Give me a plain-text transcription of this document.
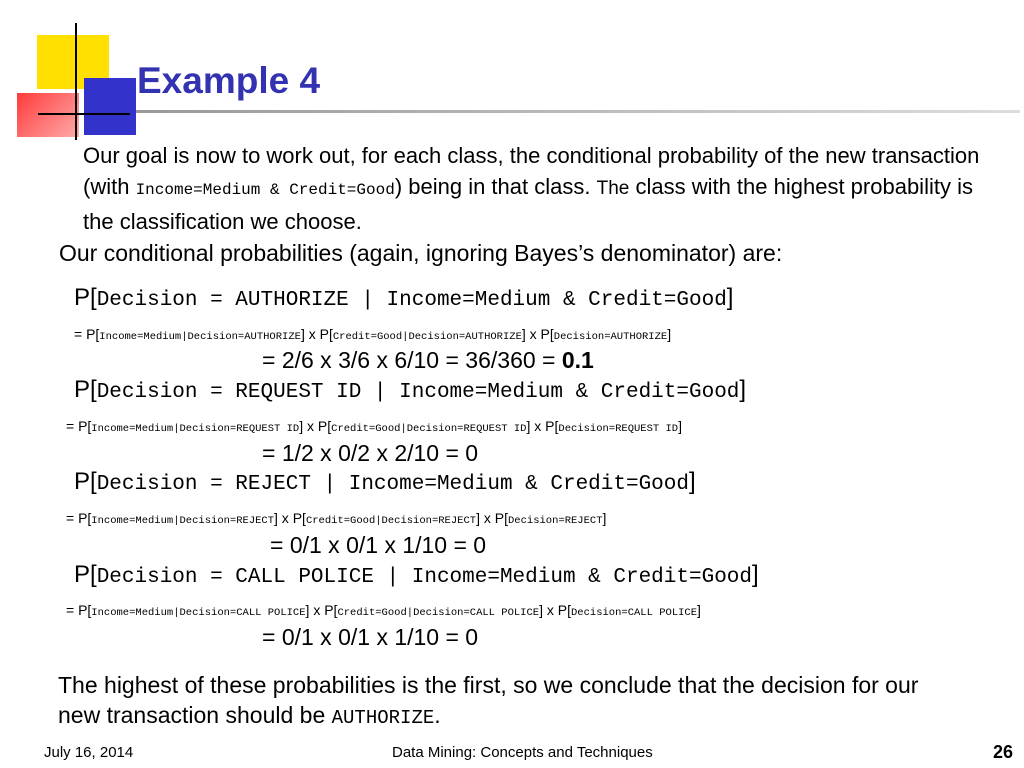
Example 4
Our goal is now to work out, for each class, the conditional probability of the new transaction (with Income=Medium & Credit=Good) being in that class. The class with the highest probability is the classification we choose.
Our conditional probabilities (again, ignoring Bayes’s denominator) are:
P[Decision = AUTHORIZE | Income=Medium & Credit=Good]
= P[Income=Medium|Decision=AUTHORIZE] x P[Credit=Good|Decision=AUTHORIZE] x P[Decision=AUTHORIZE]
= 2/6 x 3/6 x 6/10 = 36/360 = 0.1
P[Decision = REQUEST ID | Income=Medium & Credit=Good]
= P[Income=Medium|Decision=REQUEST ID] x P[Credit=Good|Decision=REQUEST ID] x P[Decision=REQUEST ID]
= 1/2 x 0/2 x 2/10 = 0
P[Decision = REJECT | Income=Medium & Credit=Good]
= P[Income=Medium|Decision=REJECT] x P[Credit=Good|Decision=REJECT] x P[Decision=REJECT]
= 0/1 x 0/1 x 1/10 = 0
P[Decision = CALL POLICE | Income=Medium & Credit=Good]
= P[Income=Medium|Decision=CALL POLICE] x P[Credit=Good|Decision=CALL POLICE] x P[Decision=CALL POLICE]
= 0/1 x 0/1 x 1/10 = 0
The highest of these probabilities is the first, so we conclude that the decision for our new transaction should be AUTHORIZE.
July 16, 2014	Data Mining: Concepts and Techniques	26
